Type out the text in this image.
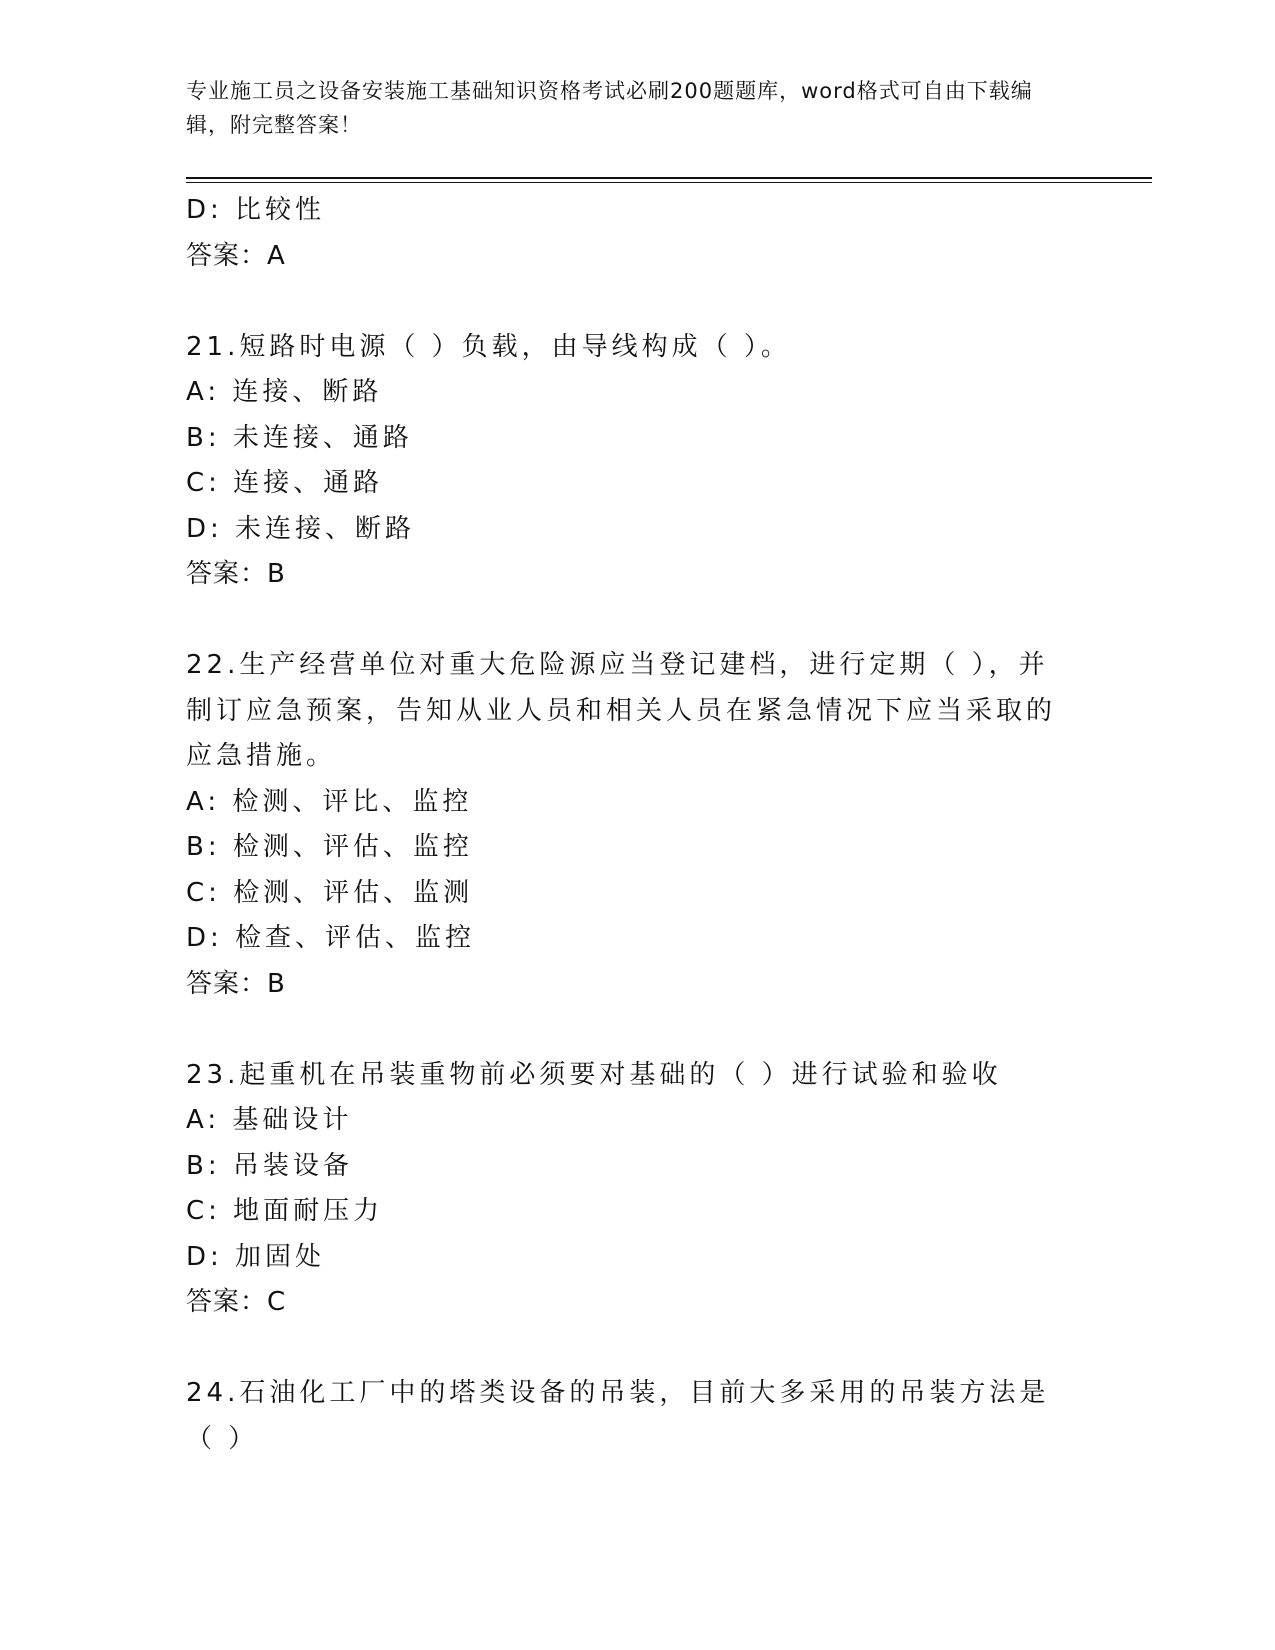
专业施工员之设备安装施工基础知识资格考试必刷200题题库，word格式可自由下载编辑，附完整答案！
D: 比较性
答案：A
21.短路时电源（ ）负载，由导线构成（ ）。
A: 连接、断路
B: 未连接、通路
C: 连接、通路
D: 未连接、断路
答案：B
22.生产经营单位对重大危险源应当登记建档，进行定期（ ），并制订应急预案，告知从业人员和相关人员在紧急情况下应当采取的应急措施。
A: 检测、评比、监控
B: 检测、评估、监控
C: 检测、评估、监测
D: 检查、评估、监控
答案：B
23.起重机在吊装重物前必须要对基础的（ ）进行试验和验收
A: 基础设计
B: 吊装设备
C: 地面耐压力
D: 加固处
答案：C
24.石油化工厂中的塔类设备的吊装，目前大多采用的吊装方法是（ ）
